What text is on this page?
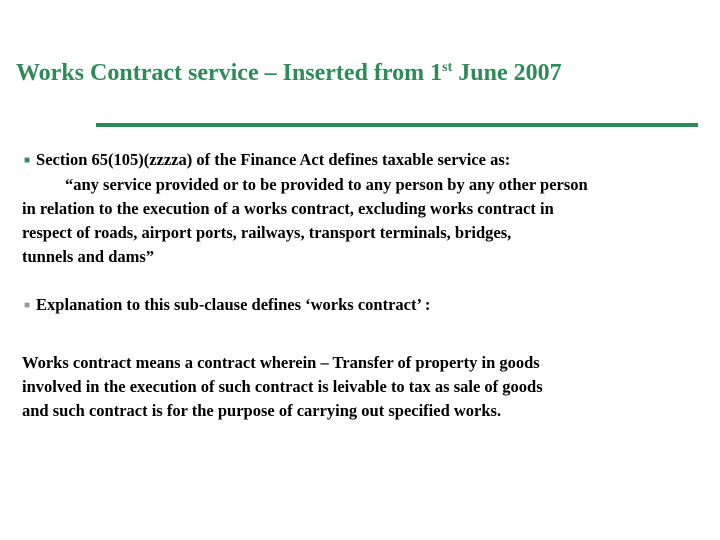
Works Contract service – Inserted from 1st June 2007
■ Section 65(105)(zzzza) of the Finance Act defines taxable service as:
“any service provided or to be provided to any person by any other person
in relation to the execution of a works contract, excluding works contract in
respect of roads, airport ports, railways, transport terminals, bridges,
tunnels and dams”
■ Explanation to this sub-clause defines ‘works contract’ :
Works contract means a contract wherein – Transfer of property in goods
involved in the execution of such contract is leivable to tax as sale of goods
and such contract is for the purpose of carrying out specified works.
